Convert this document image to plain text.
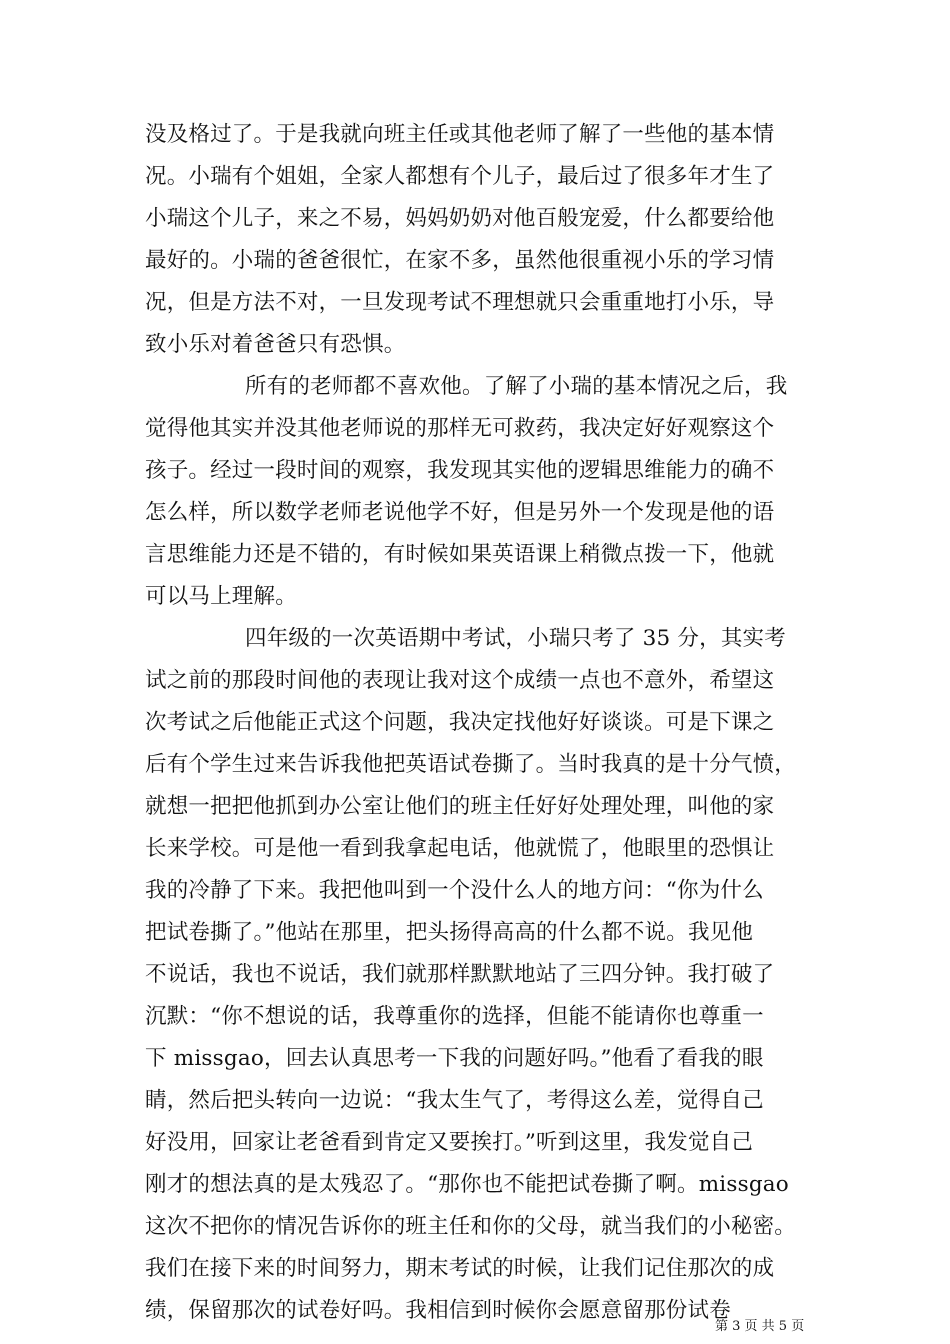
没及格过了。于是我就向班主任或其他老师了解了一些他的基本情
况。小瑞有个姐姐，全家人都想有个儿子，最后过了很多年才生了
小瑞这个儿子，来之不易，妈妈奶奶对他百般宠爱，什么都要给他
最好的。小瑞的爸爸很忙，在家不多，虽然他很重视小乐的学习情
况，但是方法不对，一旦发现考试不理想就只会重重地打小乐，导
致小乐对着爸爸只有恐惧。
所有的老师都不喜欢他。了解了小瑞的基本情况之后，我
觉得他其实并没其他老师说的那样无可救药，我决定好好观察这个
孩子。经过一段时间的观察，我发现其实他的逻辑思维能力的确不
怎么样，所以数学老师老说他学不好，但是另外一个发现是他的语
言思维能力还是不错的，有时候如果英语课上稍微点拨一下，他就
可以马上理解。
四年级的一次英语期中考试，小瑞只考了 35 分，其实考
试之前的那段时间他的表现让我对这个成绩一点也不意外，希望这
次考试之后他能正式这个问题，我决定找他好好谈谈。可是下课之
后有个学生过来告诉我他把英语试卷撕了。当时我真的是十分气愤，
就想一把把他抓到办公室让他们的班主任好好处理处理，叫他的家
长来学校。可是他一看到我拿起电话，他就慌了，他眼里的恐惧让
我的冷静了下来。我把他叫到一个没什么人的地方问：“你为什么
把试卷撕了。”他站在那里，把头扬得高高的什么都不说。我见他
不说话，我也不说话，我们就那样默默地站了三四分钟。我打破了
沉默：“你不想说的话，我尊重你的选择，但能不能请你也尊重一
下 missgao，回去认真思考一下我的问题好吗。”他看了看我的眼
睛，然后把头转向一边说：“我太生气了，考得这么差，觉得自己
好没用，回家让老爸看到肯定又要挨打。”听到这里，我发觉自己
刚才的想法真的是太残忍了。“那你也不能把试卷撕了啊。missgao
这次不把你的情况告诉你的班主任和你的父母，就当我们的小秘密。
我们在接下来的时间努力，期末考试的时候，让我们记住那次的成
绩，保留那次的试卷好吗。我相信到时候你会愿意留那份试卷
第 3 页 共 5 页
